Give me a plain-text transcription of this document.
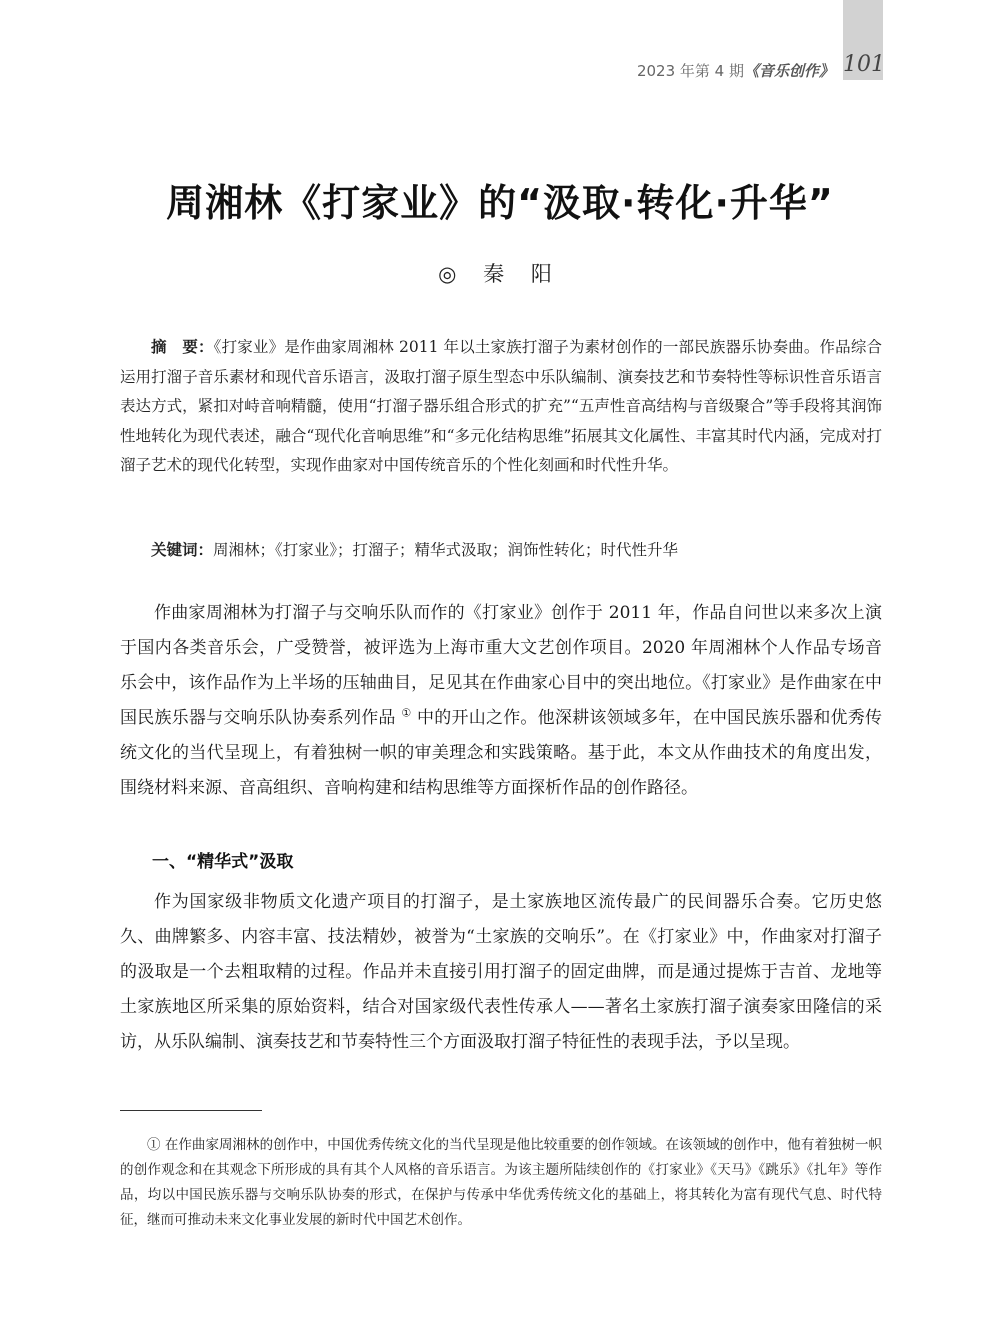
101
2023 年第 4 期《音乐创作》
周湘林《打家业》的“汲取·转化·升华”
◎ 秦 阳

摘　要：《打家业》是作曲家周湘林 2011 年以土家族打溜子为素材创作的一部民族器乐协奏曲。作品综合运用打溜子音乐素材和现代音乐语言，汲取打溜子原生型态中乐队编制、演奏技艺和节奏特性等标识性音乐语言表达方式，紧扣对峙音响精髓，使用“打溜子器乐组合形式的扩充”“五声性音高结构与音级聚合”等手段将其润饰性地转化为现代表述，融合“现代化音响思维”和“多元化结构思维”拓展其文化属性、丰富其时代内涵，完成对打溜子艺术的现代化转型，实现作曲家对中国传统音乐的个性化刻画和时代性升华。

关键词：周湘林；《打家业》；打溜子；精华式汲取；润饰性转化；时代性升华

作曲家周湘林为打溜子与交响乐队而作的《打家业》创作于 2011 年，作品自问世以来多次上演于国内各类音乐会，广受赞誉，被评选为上海市重大文艺创作项目。2020 年周湘林个人作品专场音乐会中，该作品作为上半场的压轴曲目，足见其在作曲家心目中的突出地位。《打家业》是作曲家在中国民族乐器与交响乐队协奏系列作品 ① 中的开山之作。他深耕该领域多年，在中国民族乐器和优秀传统文化的当代呈现上，有着独树一帜的审美理念和实践策略。基于此，本文从作曲技术的角度出发，围绕材料来源、音高组织、音响构建和结构思维等方面探析作品的创作路径。

一、“精华式”汲取

作为国家级非物质文化遗产项目的打溜子，是土家族地区流传最广的民间器乐合奏。它历史悠久、曲牌繁多、内容丰富、技法精妙，被誉为“土家族的交响乐”。在《打家业》中，作曲家对打溜子的汲取是一个去粗取精的过程。作品并未直接引用打溜子的固定曲牌，而是通过提炼于吉首、龙地等土家族地区所采集的原始资料，结合对国家级代表性传承人——著名土家族打溜子演奏家田隆信的采访，从乐队编制、演奏技艺和节奏特性三个方面汲取打溜子特征性的表现手法，予以呈现。

① 在作曲家周湘林的创作中，中国优秀传统文化的当代呈现是他比较重要的创作领域。在该领域的创作中，他有着独树一帜的创作观念和在其观念下所形成的具有其个人风格的音乐语言。为该主题所陆续创作的《打家业》《天马》《跳乐》《扎年》等作品，均以中国民族乐器与交响乐队协奏的形式，在保护与传承中华优秀传统文化的基础上，将其转化为富有现代气息、时代特征，继而可推动未来文化事业发展的新时代中国艺术创作。
